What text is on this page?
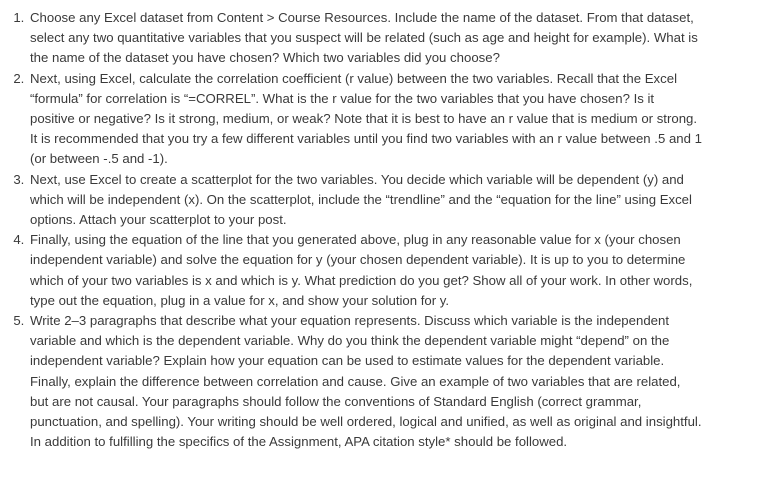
1. Choose any Excel dataset from Content > Course Resources. Include the name of the dataset. From that dataset, select any two quantitative variables that you suspect will be related (such as age and height for example). What is the name of the dataset you have chosen? Which two variables did you choose?
2. Next, using Excel, calculate the correlation coefficient (r value) between the two variables. Recall that the Excel “formula” for correlation is “=CORREL”. What is the r value for the two variables that you have chosen? Is it positive or negative? Is it strong, medium, or weak? Note that it is best to have an r value that is medium or strong. It is recommended that you try a few different variables until you find two variables with an r value between .5 and 1 (or between -.5 and -1).
3. Next, use Excel to create a scatterplot for the two variables. You decide which variable will be dependent (y) and which will be independent (x). On the scatterplot, include the “trendline” and the “equation for the line” using Excel options. Attach your scatterplot to your post.
4. Finally, using the equation of the line that you generated above, plug in any reasonable value for x (your chosen independent variable) and solve the equation for y (your chosen dependent variable). It is up to you to determine which of your two variables is x and which is y. What prediction do you get? Show all of your work. In other words, type out the equation, plug in a value for x, and show your solution for y.
5. Write 2–3 paragraphs that describe what your equation represents. Discuss which variable is the independent variable and which is the dependent variable. Why do you think the dependent variable might “depend” on the independent variable? Explain how your equation can be used to estimate values for the dependent variable. Finally, explain the difference between correlation and cause. Give an example of two variables that are related, but are not causal. Your paragraphs should follow the conventions of Standard English (correct grammar, punctuation, and spelling). Your writing should be well ordered, logical and unified, as well as original and insightful. In addition to fulfilling the specifics of the Assignment, APA citation style* should be followed.
